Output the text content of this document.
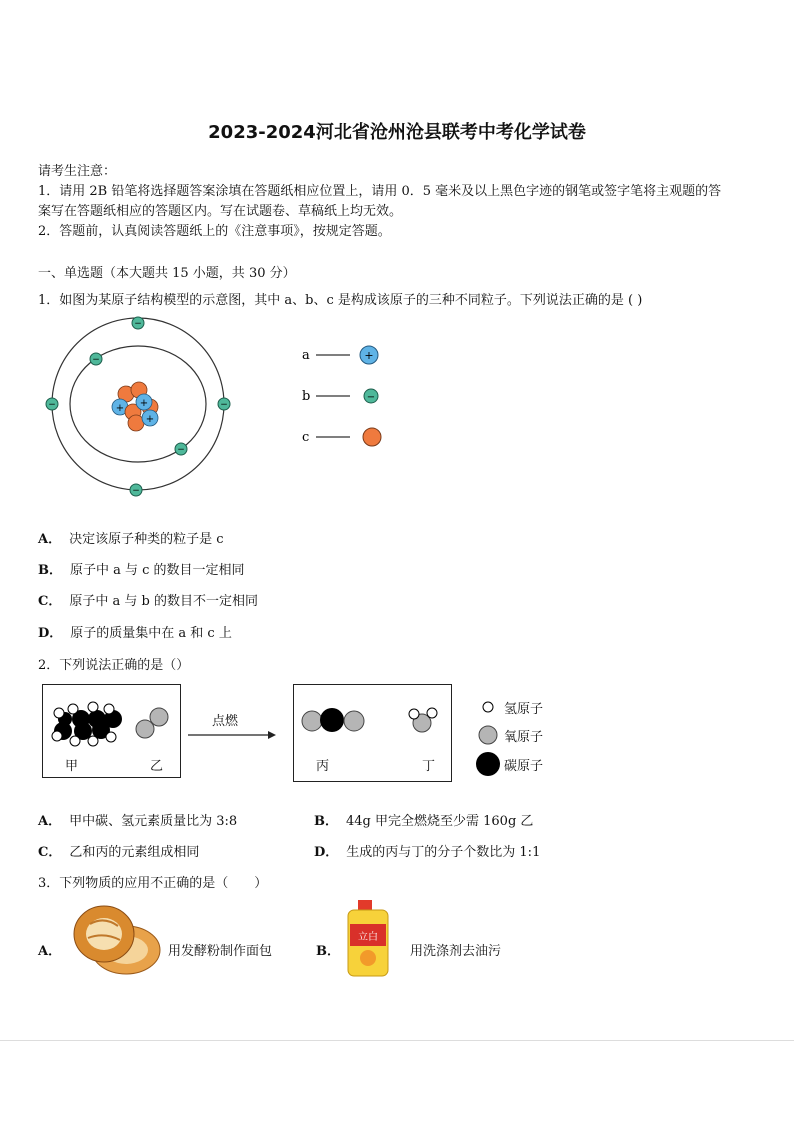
2023-2024河北省沧州沧县联考中考化学试卷
请考生注意：
1．请用 2B 铅笔将选择题答案涂填在答题纸相应位置上，请用 0．5 毫米及以上黑色字迹的钢笔或签字笔将主观题的答
案写在答题纸相应的答题区内。写在试题卷、草稿纸上均无效。
2．答题前，认真阅读答题纸上的《注意事项》，按规定答题。
一、单选题（本大题共 15 小题，共 30 分）
1．如图为某原子结构模型的示意图，其中 a、b、c 是构成该原子的三种不同粒子。下列说法正确的是 ( )
+
+
+
−
−
−	−
−
−
a	+
b	−
c
A． 决定该原子种类的粒子是 c
B． 原子中 a 与 c 的数目一定相同
C． 原子中 a 与 b 的数目不一定相同
D． 原子的质量集中在 a 和 c 上
2．下列说法正确的是（）
甲	乙
点燃
丙	丁
氢原子
氧原子
碳原子
A． 甲中碳、氢元素质量比为 3:8	B． 44g 甲完全燃烧至少需 160g 乙
C． 乙和丙的元素组成相同	D． 生成的丙与丁的分子个数比为 1:1
3．下列物质的应用不正确的是（　　）
A．	用发酵粉制作面包	B．
立白
用洗涤剂去油污
